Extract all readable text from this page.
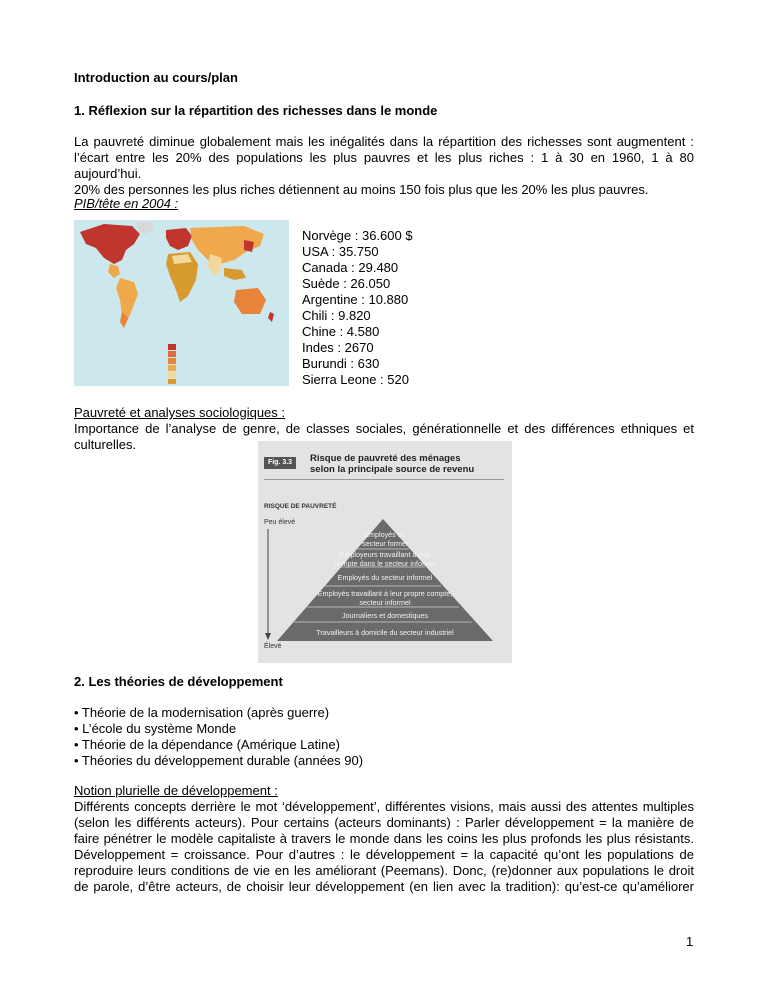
Introduction au cours/plan
1. Réflexion sur la répartition des richesses dans le monde
La pauvreté diminue globalement mais les inégalités dans la répartition des richesses sont augmentent :
l’écart entre les 20% des populations les plus pauvres et les plus riches : 1 à 30 en 1960, 1 à 80 aujourd’hui.
20% des personnes les plus riches détiennent au moins 150 fois plus que les 20% les plus pauvres.
PIB/tête en 2004 :
Norvège : 36.600 $
USA : 35.750
Canada : 29.480
Suède : 26.050
Argentine : 10.880
Chili : 9.820
Chine : 4.580
Indes : 2670
Burundi : 630
Sierra Leone : 520
Pauvreté et analyses sociologiques :
Importance de l’analyse de genre, de classes sociales, générationnelle et des différences ethniques et
culturelles.
Fig. 3.3	Risque de pauvreté des ménages
selon la principale source de revenu
RISQUE DE PAUVRETÉ
Peu élevé
Élevé
Employés du
secteur formel
Employeurs travaillant à leur
compte dans le secteur informel
Employés du secteur informel
Employés travaillant à leur propre compte,
secteur informel
Journaliers et domestiques
Travailleurs à domicile du secteur industriel
2. Les théories de développement
• Théorie de la modernisation (après guerre)
• L’école du système Monde
• Théorie de la dépendance (Amérique Latine)
• Théories du développement durable (années 90)
Notion plurielle de développement :
Différents concepts derrière le mot ‘développement’, différentes visions, mais aussi des attentes multiples
(selon les différents acteurs). Pour certains (acteurs dominants) : Parler développement = la manière de
faire pénétrer le modèle capitaliste à travers le monde dans les coins les plus profonds les plus résistants.
Développement = croissance. Pour d’autres : le développement = la capacité qu’ont les populations de
reproduire leurs conditions de vie en les améliorant (Peemans). Donc, (re)donner aux populations le droit
de parole, d’être acteurs, de choisir leur développement (en lien avec la tradition): qu’est-ce qu’améliorer
1
